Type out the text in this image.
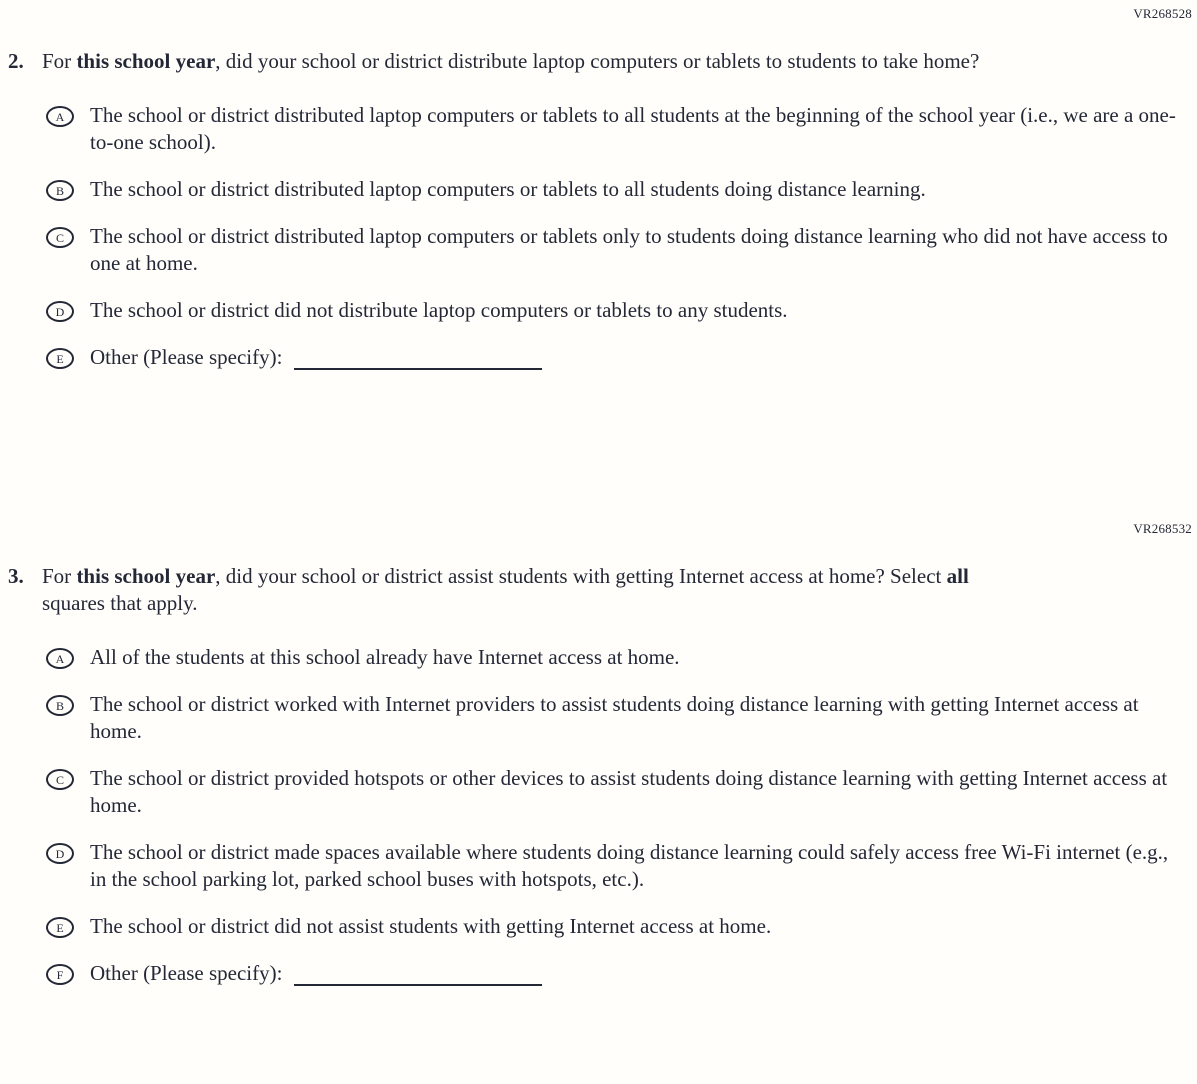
VR268528
2. For this school year, did your school or district distribute laptop computers or tablets to students to take home?
A	The school or district distributed laptop computers or tablets to all students at the beginning of the school year (i.e., we are a one-to-one school).
B	The school or district distributed laptop computers or tablets to all students doing distance learning.
C	The school or district distributed laptop computers or tablets only to students doing distance learning who did not have access to one at home.
D	The school or district did not distribute laptop computers or tablets to any students.
E	Other (Please specify):
VR268532
3. For this school year, did your school or district assist students with getting Internet access at home? Select all squares that apply.
A	All of the students at this school already have Internet access at home.
B	The school or district worked with Internet providers to assist students doing distance learning with getting Internet access at home.
C	The school or district provided hotspots or other devices to assist students doing distance learning with getting Internet access at home.
D	The school or district made spaces available where students doing distance learning could safely access free Wi-Fi internet (e.g., in the school parking lot, parked school buses with hotspots, etc.).
E	The school or district did not assist students with getting Internet access at home.
F	Other (Please specify):
